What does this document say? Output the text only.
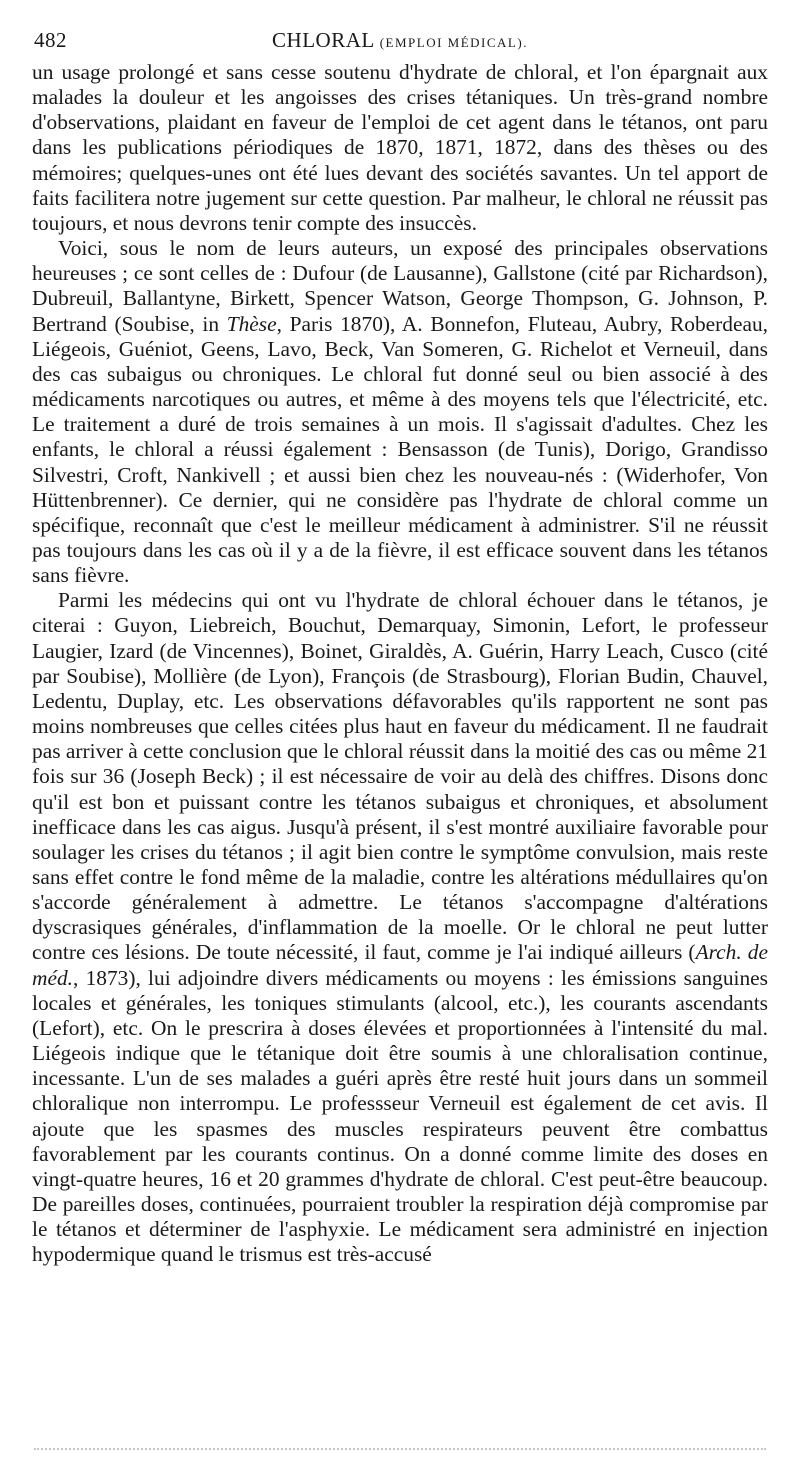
482	CHLORAL (EMPLOI MÉDICAL).

un usage prolongé et sans cesse soutenu d'hydrate de chloral, et l'on épargnait aux malades la douleur et les angoisses des crises tétaniques. Un très-grand nombre d'observations, plaidant en faveur de l'emploi de cet agent dans le tétanos, ont paru dans les publications périodiques de 1870, 1871, 1872, dans des thèses ou des mémoires; quelques-unes ont été lues devant des sociétés savantes. Un tel apport de faits facilitera notre jugement sur cette question. Par malheur, le chloral ne réussit pas toujours, et nous devrons tenir compte des insuccès.

Voici, sous le nom de leurs auteurs, un exposé des principales observations heureuses ; ce sont celles de : Dufour (de Lausanne), Gallstone (cité par Richardson), Dubreuil, Ballantyne, Birkett, Spencer Watson, George Thompson, G. Johnson, P. Bertrand (Soubise, in Thèse, Paris 1870), A. Bonnefon, Fluteau, Aubry, Roberdeau, Liégeois, Guéniot, Geens, Lavo, Beck, Van Someren, G. Richelot et Verneuil, dans des cas subaigus ou chroniques. Le chloral fut donné seul ou bien associé à des médicaments narcotiques ou autres, et même à des moyens tels que l'électricité, etc. Le traitement a duré de trois semaines à un mois. Il s'agissait d'adultes. Chez les enfants, le chloral a réussi également : Bensasson (de Tunis), Dorigo, Grandisso Silvestri, Croft, Nankivell ; et aussi bien chez les nouveau-nés : (Widerhofer, Von Hüttenbrenner). Ce dernier, qui ne considère pas l'hydrate de chloral comme un spécifique, reconnaît que c'est le meilleur médicament à administrer. S'il ne réussit pas toujours dans les cas où il y a de la fièvre, il est efficace souvent dans les tétanos sans fièvre.

Parmi les médecins qui ont vu l'hydrate de chloral échouer dans le tétanos, je citerai : Guyon, Liebreich, Bouchut, Demarquay, Simonin, Lefort, le professeur Laugier, Izard (de Vincennes), Boinet, Giraldès, A. Guérin, Harry Leach, Cusco (cité par Soubise), Mollière (de Lyon), François (de Strasbourg), Florian Budin, Chauvel, Ledentu, Duplay, etc. Les observations défavorables qu'ils rapportent ne sont pas moins nombreuses que celles citées plus haut en faveur du médicament. Il ne faudrait pas arriver à cette conclusion que le chloral réussit dans la moitié des cas ou même 21 fois sur 36 (Joseph Beck) ; il est nécessaire de voir au delà des chiffres. Disons donc qu'il est bon et puissant contre les tétanos subaigus et chroniques, et absolument inefficace dans les cas aigus. Jusqu'à présent, il s'est montré auxiliaire favorable pour soulager les crises du tétanos ; il agit bien contre le symptôme convulsion, mais reste sans effet contre le fond même de la maladie, contre les altérations médullaires qu'on s'accorde généralement à admettre. Le tétanos s'accompagne d'altérations dyscrasiques générales, d'inflammation de la moelle. Or le chloral ne peut lutter contre ces lésions. De toute nécessité, il faut, comme je l'ai indiqué ailleurs (Arch. de méd., 1873), lui adjoindre divers médicaments ou moyens : les émissions sanguines locales et générales, les toniques stimulants (alcool, etc.), les courants ascendants (Lefort), etc. On le prescrira à doses élevées et proportionnées à l'intensité du mal. Liégeois indique que le tétanique doit être soumis à une chloralisation continue, incessante. L'un de ses malades a guéri après être resté huit jours dans un sommeil chloralique non interrompu. Le professseur Verneuil est également de cet avis. Il ajoute que les spasmes des muscles respirateurs peuvent être combattus favorablement par les courants continus. On a donné comme limite des doses en vingt-quatre heures, 16 et 20 grammes d'hydrate de chloral. C'est peut-être beaucoup. De pareilles doses, continuées, pourraient troubler la respiration déjà compromise par le tétanos et déterminer de l'asphyxie. Le médicament sera administré en injection hypodermique quand le trismus est très-accusé
